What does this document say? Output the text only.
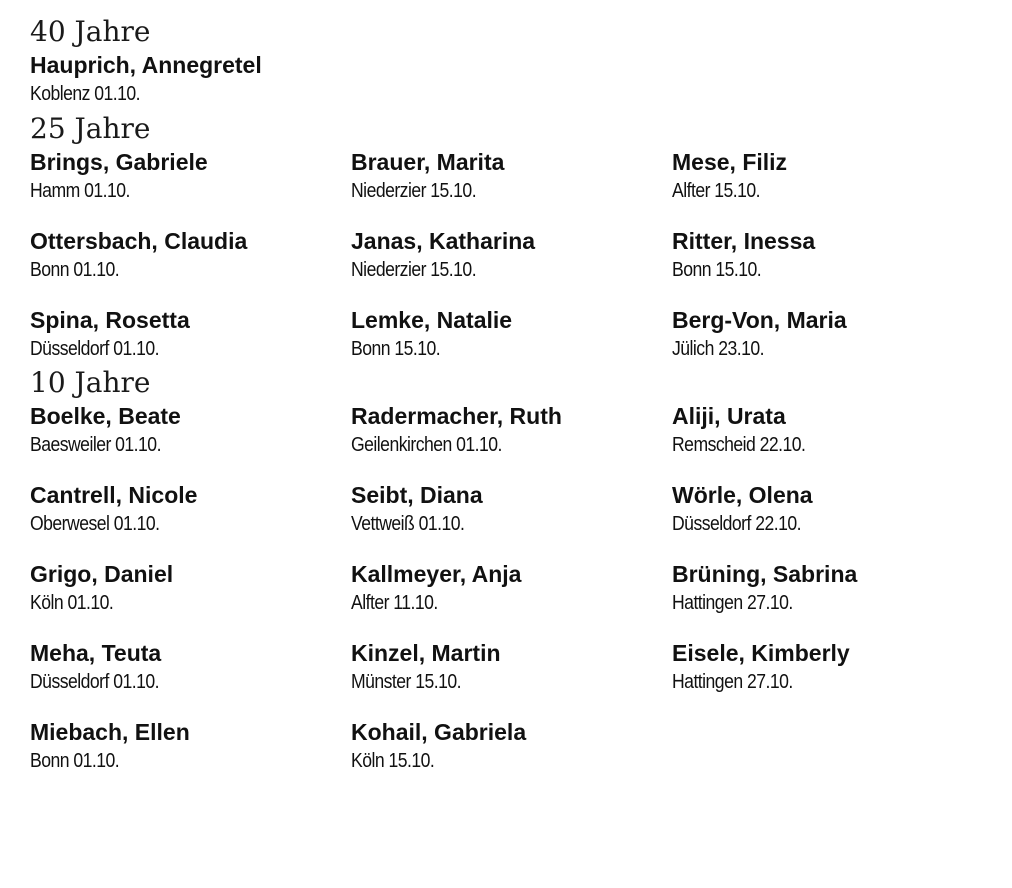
40 Jahre
Hauprich, Annegretel
Koblenz 01.10.
25 Jahre
Brings, Gabriele
Hamm 01.10.
Brauer, Marita
Niederzier 15.10.
Mese, Filiz
Alfter 15.10.
Ottersbach, Claudia
Bonn 01.10.
Janas, Katharina
Niederzier 15.10.
Ritter, Inessa
Bonn 15.10.
Spina, Rosetta
Düsseldorf 01.10.
Lemke, Natalie
Bonn 15.10.
Berg-Von, Maria
Jülich 23.10.
10 Jahre
Boelke, Beate
Baesweiler 01.10.
Radermacher, Ruth
Geilenkirchen 01.10.
Aliji, Urata
Remscheid 22.10.
Cantrell, Nicole
Oberwesel 01.10.
Seibt, Diana
Vettweiß 01.10.
Wörle, Olena
Düsseldorf 22.10.
Grigo, Daniel
Köln 01.10.
Kallmeyer, Anja
Alfter 11.10.
Brüning, Sabrina
Hattingen 27.10.
Meha, Teuta
Düsseldorf 01.10.
Kinzel, Martin
Münster 15.10.
Eisele, Kimberly
Hattingen 27.10.
Miebach, Ellen
Bonn 01.10.
Kohail, Gabriela
Köln 15.10.
